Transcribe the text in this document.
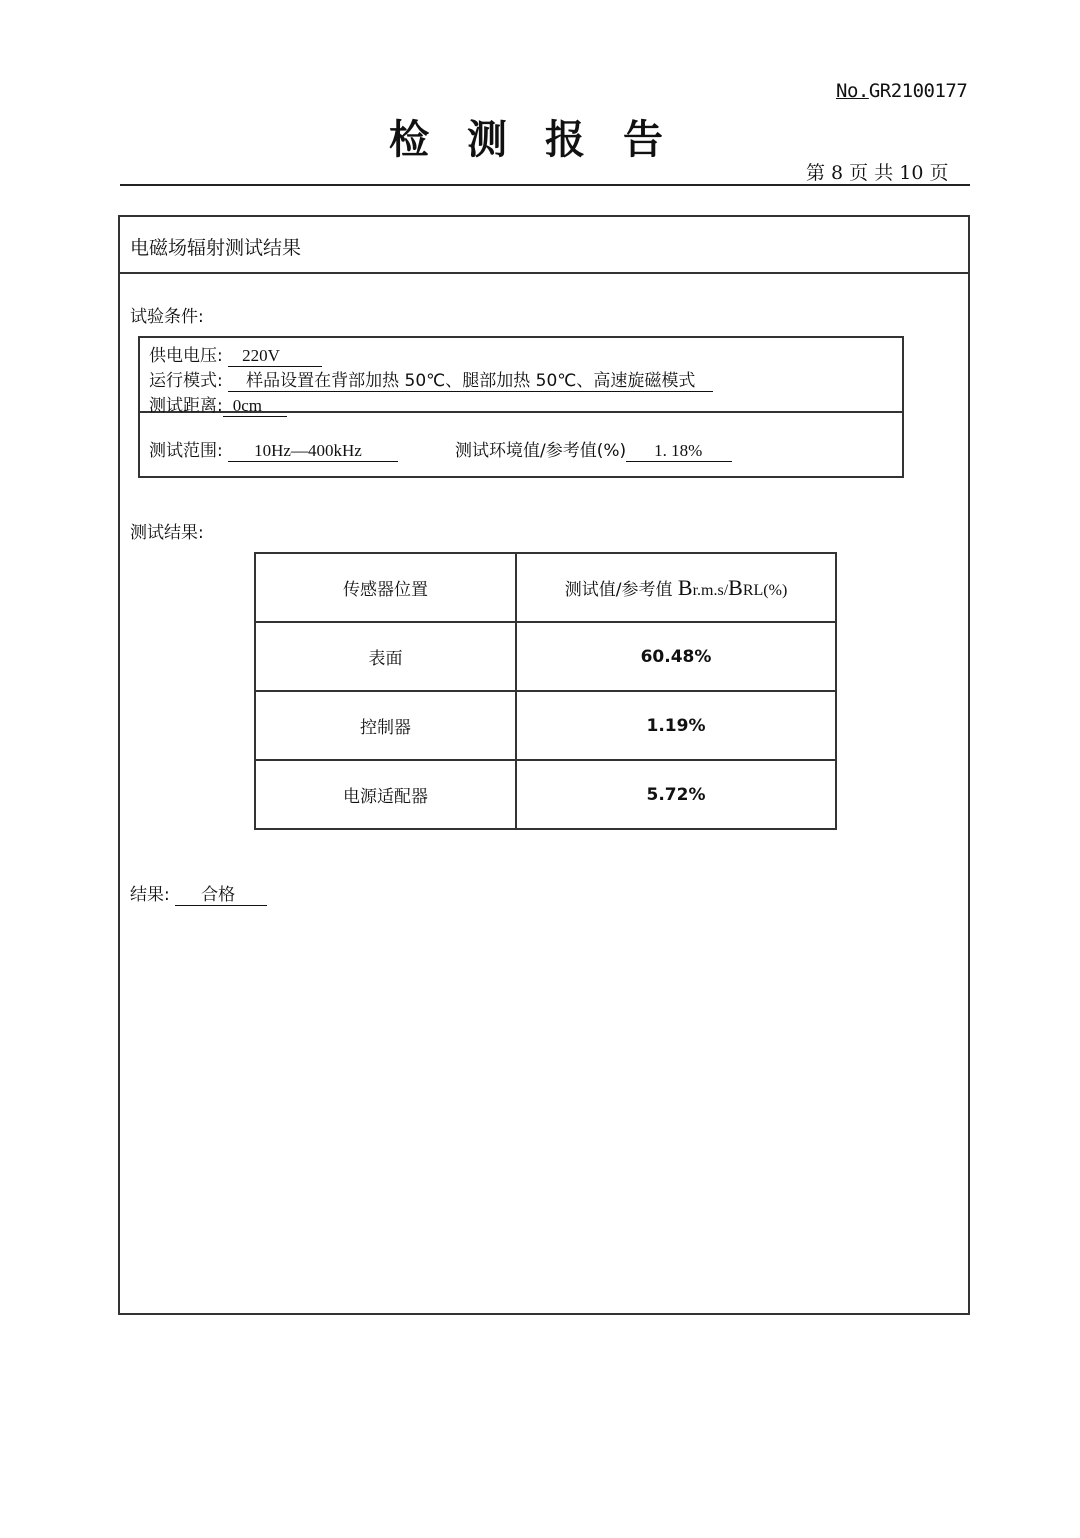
No.GR2100177
检测报告
第 8 页 共 10 页
电磁场辐射测试结果
试验条件:
供电电压: 220V
运行模式: 样品设置在背部加热 50℃、腿部加热 50℃、高速旋磁模式
测试距离: 0cm
测试范围: 10Hz—400kHz	测试环境值/参考值(%) 1. 18%
测试结果:
传感器位置	测试值/参考值 Br.m.s/BRL(%)
表面	60.48%
控制器	1.19%
电源适配器	5.72%
结果: 合格
